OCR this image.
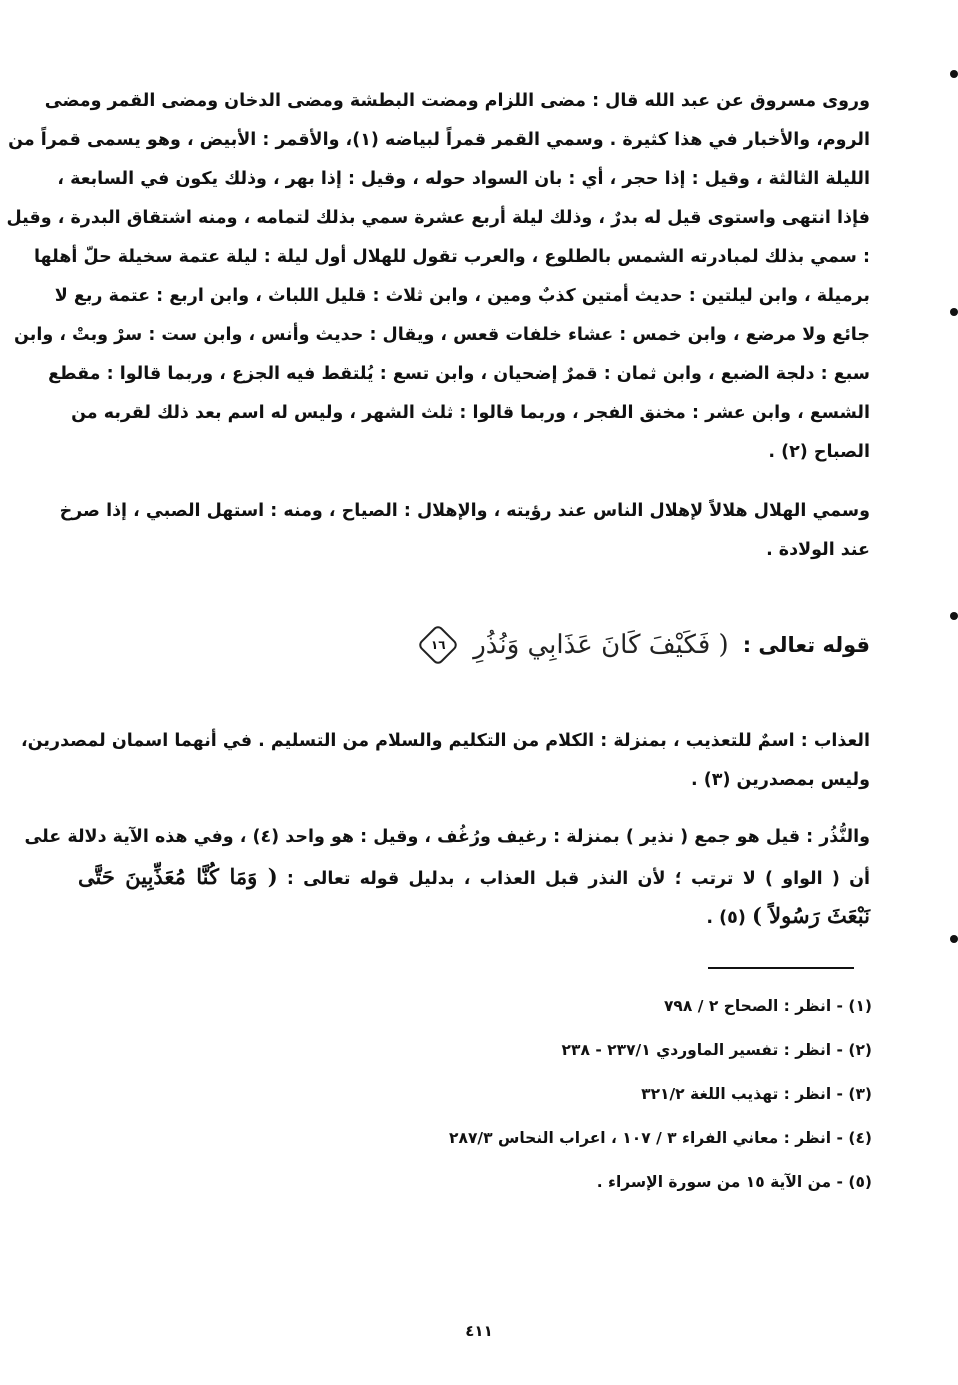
وروى مسروق عن عبد الله قال : مضى اللزام ومضت البطشة ومضى الدخان ومضى القمر ومضى
الروم، والأخبار في هذا كثيرة . وسمي القمر قمراً لبياضه (١)، والأقمر : الأبيض ، وهو يسمى قمراً من
الليلة الثالثة ، وقيل : إذا حجر ، أي : بان السواد حوله ، وقيل : إذا بهر ، وذلك يكون في السابعة ،
فإذا انتهى واستوى قيل له بدرٌ ، وذلك ليلة أربع عشرة سمي بذلك لتمامه ، ومنه اشتقاق البدرة ، وقيل
: سمي بذلك لمبادرته الشمس بالطلوع ، والعرب تقول للهلال أول ليلة : ليلة عتمة سخيلة حلّ أهلها
برميلة ، وابن ليلتين : حديث أمتين كذبٌ ومين ، وابن ثلاث : قليل اللباث ، وابن اربع : عتمة ربع لا
جائع ولا مرضع ، وابن خمس : عشاء خلفات قعس ، ويقال : حديث وأنس ، وابن ست : سرْ وبتْ ، وابن
سبع : دلجة الضبع ، وابن ثمان : قمرٌ إضحيان ، وابن تسع : يُلتقط فيه الجزع ، وربما قالوا : مقطع
الشسع ، وابن عشر : مخنق الفجر ، وربما قالوا : ثلث الشهر ، وليس له اسم بعد ذلك لقربه من
الصباح (٢) .
وسمي الهلال هلالاً لإهلال الناس عند رؤيته ، والإهلال : الصياح ، ومنه : استهل الصبي ، إذا صرخ
عند الولادة .
قوله تعالى :
( فَكَيْفَ كَانَ عَذَابِي وَنُذُرِ
١٦
العذاب : اسمٌ للتعذيب ، بمنزلة : الكلام من التكليم والسلام من التسليم . في أنهما اسمان لمصدرين،
وليس بمصدرين (٣) .
والنُّذُر : قيل هو جمع ( نذير ) بمنزلة : رغيف ورُغُف ، وقيل : هو واحد (٤) ، وفي هذه الآية دلالة على
أن ( الواو ) لا ترتب ؛ لأن النذر قبل العذاب ، بدليل قوله تعالى : ( وَمَا كُنَّا مُعَذِّبِينَ حَتَّى
نَبْعَثَ رَسُولاً ) (٥) .
(١) - انظر : الصحاح ٢ / ٧٩٨
(٢) - انظر : تفسير الماوردي ٢٣٧/١ - ٢٣٨
(٣) - انظر : تهذيب اللغة ٣٢١/٢
(٤) - انظر : معاني الفراء ٣ / ١٠٧ ، اعراب النحاس ٢٨٧/٣
(٥) - من الآية ١٥ من سورة الإسراء .
٤١١
